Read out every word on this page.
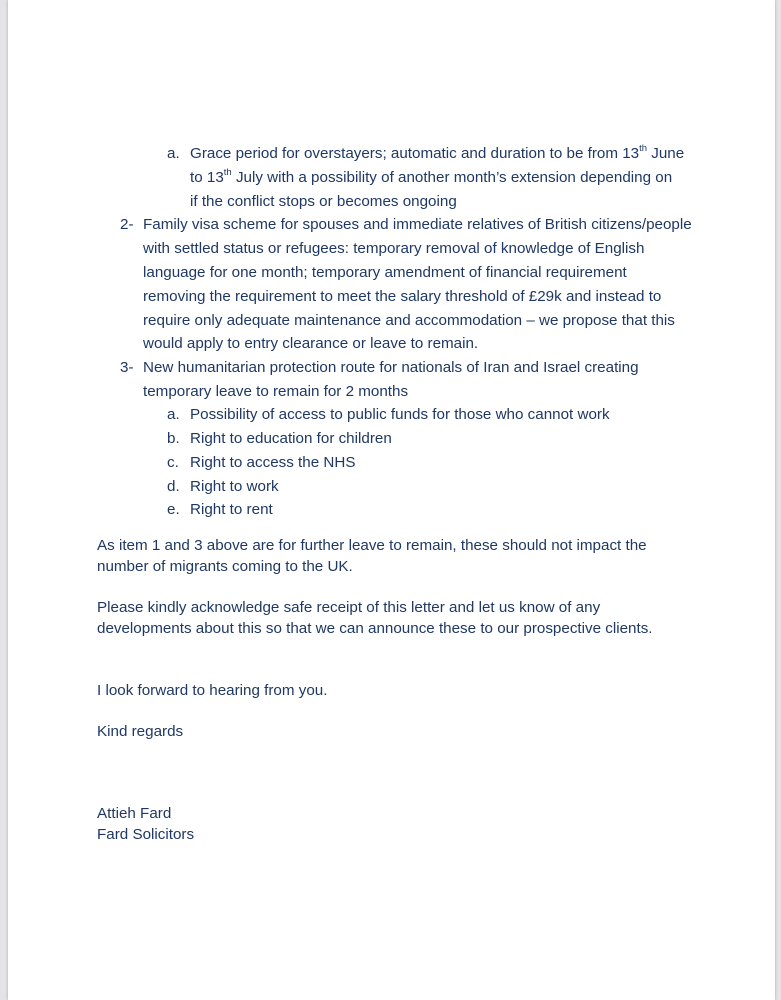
a. Grace period for overstayers; automatic and duration to be from 13th June
to 13th July with a possibility of another month’s extension depending on
if the conflict stops or becomes ongoing
2- Family visa scheme for spouses and immediate relatives of British citizens/people
with settled status or refugees: temporary removal of knowledge of English
language for one month; temporary amendment of financial requirement
removing the requirement to meet the salary threshold of £29k and instead to
require only adequate maintenance and accommodation – we propose that this
would apply to entry clearance or leave to remain.
3- New humanitarian protection route for nationals of Iran and Israel creating
temporary leave to remain for 2 months
a. Possibility of access to public funds for those who cannot work
b. Right to education for children
c. Right to access the NHS
d. Right to work
e. Right to rent
As item 1 and 3 above are for further leave to remain, these should not impact the
number of migrants coming to the UK.
Please kindly acknowledge safe receipt of this letter and let us know of any
developments about this so that we can announce these to our prospective clients.
I look forward to hearing from you.
Kind regards
Attieh Fard
Fard Solicitors
